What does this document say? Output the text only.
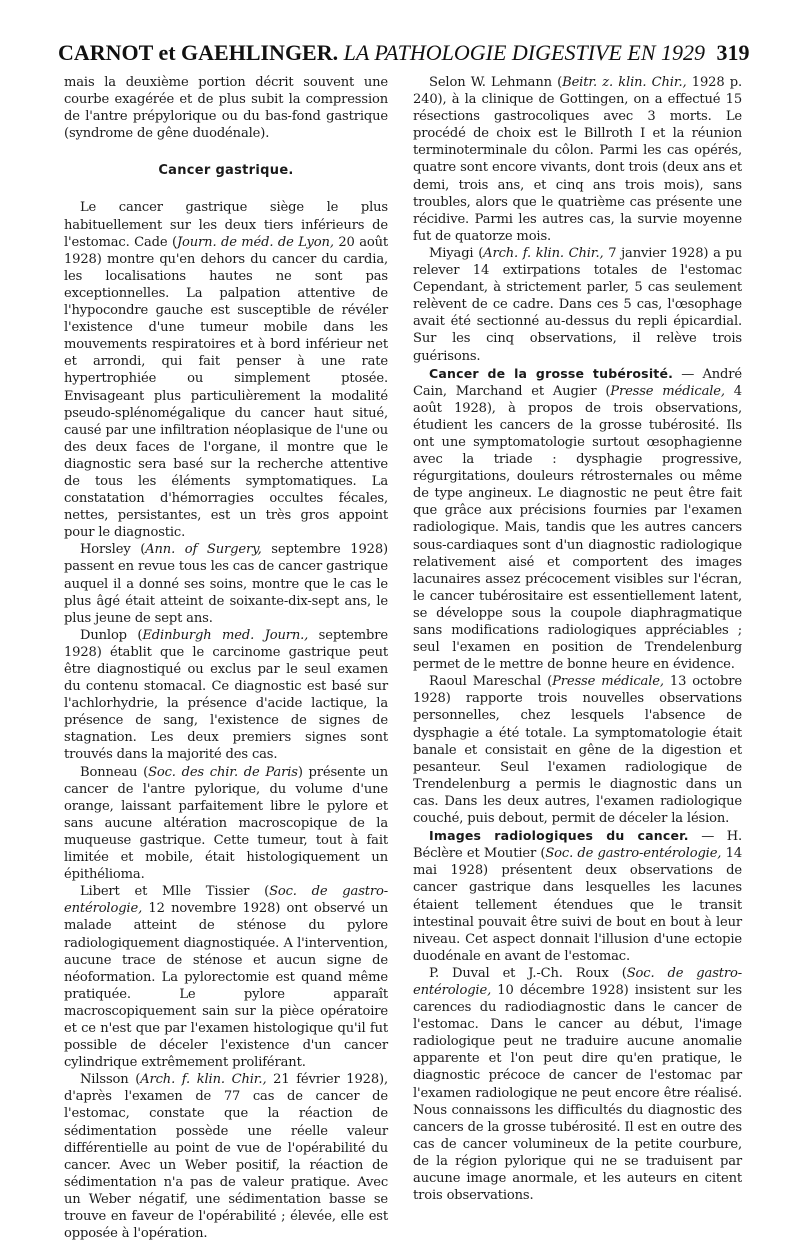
CARNOT et GAEHLINGER. LA PATHOLOGIE DIGESTIVE EN 1929 319

mais la deuxième portion décrit souvent une courbe exagérée et de plus subit la compression de l'antre prépylorique ou du bas-fond gastrique (syndrome de gêne duodénale).

Cancer gastrique.

Le cancer gastrique siège le plus habituellement sur les deux tiers inférieurs de l'estomac. Cade (Journ. de méd. de Lyon, 20 août 1928) montre qu'en dehors du cancer du cardia, les localisations hautes ne sont pas exceptionnelles. La palpation attentive de l'hypocondre gauche est susceptible de révéler l'existence d'une tumeur mobile dans les mouvements respiratoires et à bord inférieur net et arrondi, qui fait penser à une rate hypertrophiée ou simplement ptosée. Envisageant plus particulièrement la modalité pseudo-splénomégalique du cancer haut situé, causé par une infiltration néoplasique de l'une ou des deux faces de l'organe, il montre que le diagnostic sera basé sur la recherche attentive de tous les éléments symptomatiques. La constatation d'hémorragies occultes fécales, nettes, persistantes, est un très gros appoint pour le diagnostic.

Horsley (Ann. of Surgery, septembre 1928) passent en revue tous les cas de cancer gastrique auquel il a donné ses soins, montre que le cas le plus âgé était atteint de soixante-dix-sept ans, le plus jeune de sept ans.

Dunlop (Edinburgh med. Journ., septembre 1928) établit que le carcinome gastrique peut être diagnostiqué ou exclus par le seul examen du contenu stomacal. Ce diagnostic est basé sur l'achlorhydrie, la présence d'acide lactique, la présence de sang, l'existence de signes de stagnation. Les deux premiers signes sont trouvés dans la majorité des cas.

Bonneau (Soc. des chir. de Paris) présente un cancer de l'antre pylorique, du volume d'une orange, laissant parfaitement libre le pylore et sans aucune altération macroscopique de la muqueuse gastrique. Cette tumeur, tout à fait limitée et mobile, était histologiquement un épithélioma.

Libert et Mlle Tissier (Soc. de gastro-entérologie, 12 novembre 1928) ont observé un malade atteint de sténose du pylore radiologiquement diagnostiquée. A l'intervention, aucune trace de sténose et aucun signe de néoformation. La pylorectomie est quand même pratiquée. Le pylore apparaît macroscopiquement sain sur la pièce opératoire et ce n'est que par l'examen histologique qu'il fut possible de déceler l'existence d'un cancer cylindrique extrêmement proliférant.

Nilsson (Arch. f. klin. Chir., 21 février 1928), d'après l'examen de 77 cas de cancer de l'estomac, constate que la réaction de sédimentation possède une réelle valeur différentielle au point de vue de l'opérabilité du cancer. Avec un Weber positif, la réaction de sédimentation n'a pas de valeur pratique. Avec un Weber négatif, une sédimentation basse se trouve en faveur de l'opérabilité ; élevée, elle est opposée à l'opération.

Selon W. Lehmann (Beitr. z. klin. Chir., 1928 p. 240), à la clinique de Gottingen, on a effectué 15 résections gastrocoliques avec 3 morts. Le procédé de choix est le Billroth I et la réunion terminoterminale du côlon. Parmi les cas opérés, quatre sont encore vivants, dont trois (deux ans et demi, trois ans, et cinq ans trois mois), sans troubles, alors que le quatrième cas présente une récidive. Parmi les autres cas, la survie moyenne fut de quatorze mois.

Miyagi (Arch. f. klin. Chir., 7 janvier 1928) a pu relever 14 extirpations totales de l'estomac Cependant, à strictement parler, 5 cas seulement relèvent de ce cadre. Dans ces 5 cas, l'œsophage avait été sectionné au-dessus du repli épicardial. Sur les cinq observations, il relève trois guérisons.

Cancer de la grosse tubérosité. — André Cain, Marchand et Augier (Presse médicale, 4 août 1928), à propos de trois observations, étudient les cancers de la grosse tubérosité. Ils ont une symptomatologie surtout œsophagienne avec la triade : dysphagie progressive, régurgitations, douleurs rétrosternales ou même de type angineux. Le diagnostic ne peut être fait que grâce aux précisions fournies par l'examen radiologique. Mais, tandis que les autres cancers sous-cardiaques sont d'un diagnostic radiologique relativement aisé et comportent des images lacunaires assez précocement visibles sur l'écran, le cancer tubérositaire est essentiellement latent, se développe sous la coupole diaphragmatique sans modifications radiologiques appréciables ; seul l'examen en position de Trendelenburg permet de le mettre de bonne heure en évidence.

Raoul Mareschal (Presse médicale, 13 octobre 1928) rapporte trois nouvelles observations personnelles, chez lesquels l'absence de dysphagie a été totale. La symptomatologie était banale et consistait en gêne de la digestion et pesanteur. Seul l'examen radiologique de Trendelenburg a permis le diagnostic dans un cas. Dans les deux autres, l'examen radiologique couché, puis debout, permit de déceler la lésion.

Images radiologiques du cancer. — H. Béclère et Moutier (Soc. de gastro-entérologie, 14 mai 1928) présentent deux observations de cancer gastrique dans lesquelles les lacunes étaient tellement étendues que le transit intestinal pouvait être suivi de bout en bout à leur niveau. Cet aspect donnait l'illusion d'une ectopie duodénale en avant de l'estomac.

P. Duval et J.-Ch. Roux (Soc. de gastro-entérologie, 10 décembre 1928) insistent sur les carences du radiodiagnostic dans le cancer de l'estomac. Dans le cancer au début, l'image radiologique peut ne traduire aucune anomalie apparente et l'on peut dire qu'en pratique, le diagnostic précoce de cancer de l'estomac par l'examen radiologique ne peut encore être réalisé. Nous connaissons les difficultés du diagnostic des cancers de la grosse tubérosité. Il est en outre des cas de cancer volumineux de la petite courbure, de la région pylorique qui ne se traduisent par aucune image anormale, et les auteurs en citent trois observations.
